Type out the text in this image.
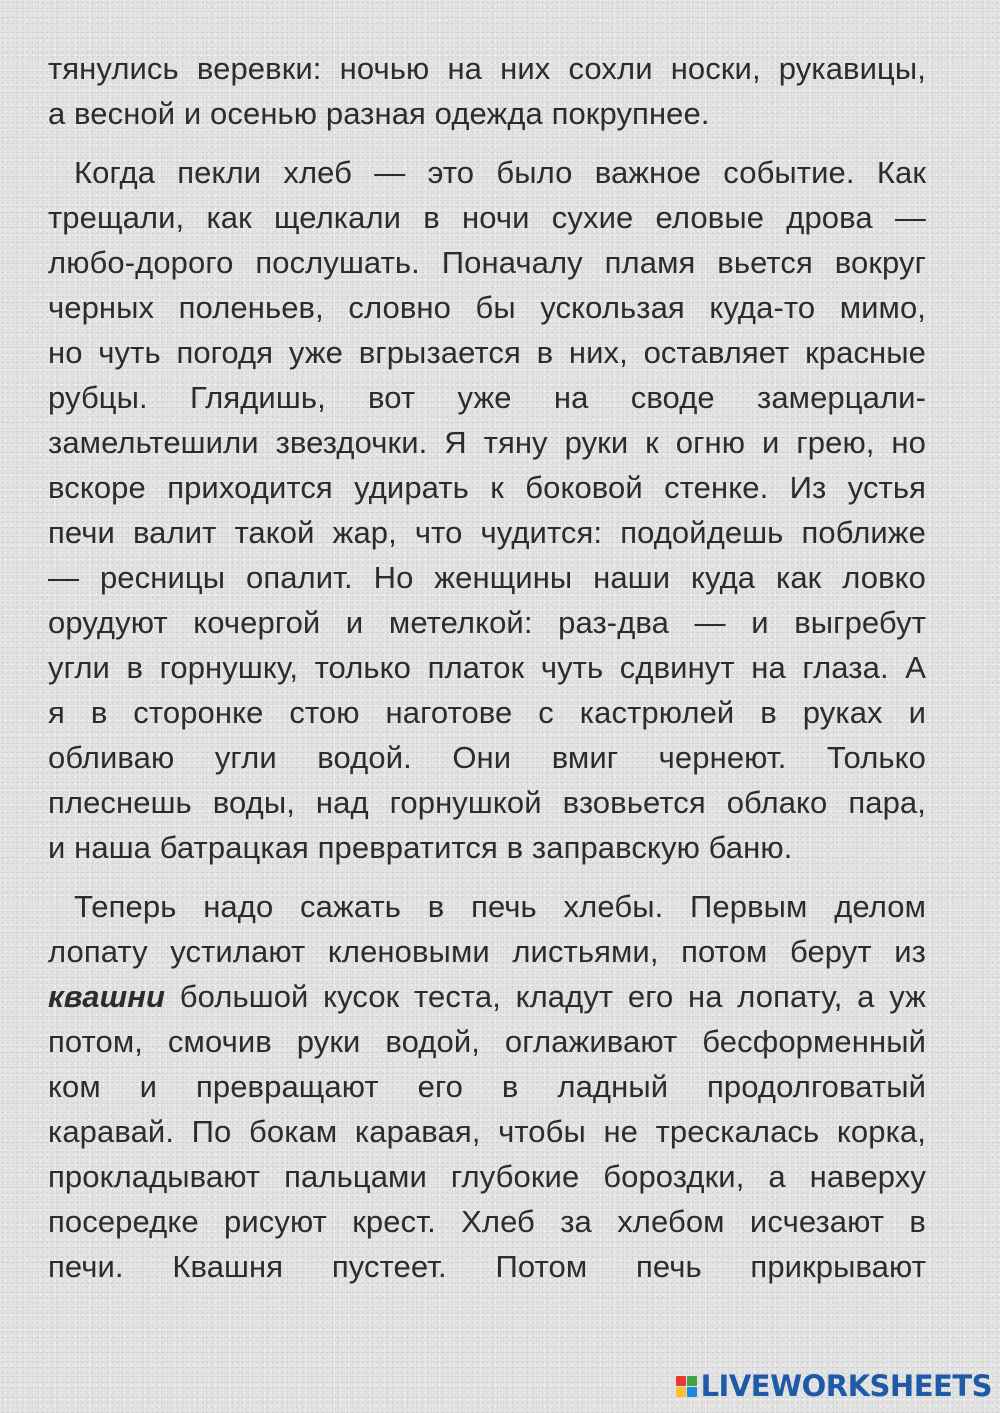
тянулись веревки: ночью на них сохли носки, рукавицы,
а весной и осенью разная одежда покрупнее.
Когда пекли хлеб — это было важное событие. Как
трещали, как щелкали в ночи сухие еловые дрова —
любо-дорого послушать. Поначалу пламя вьется вокруг
черных поленьев, словно бы ускользая куда-то мимо,
но чуть погодя уже вгрызается в них, оставляет красные
рубцы. Глядишь, вот уже на своде замерцали-
замельтешили звездочки. Я тяну руки к огню и грею, но
вскоре приходится удирать к боковой стенке. Из устья
печи валит такой жар, что чудится: подойдешь поближе
— ресницы опалит. Но женщины наши куда как ловко
орудуют кочергой и метелкой: раз-два — и выгребут
угли в горнушку, только платок чуть сдвинут на глаза. А
я в сторонке стою наготове с кастрюлей в руках и
обливаю угли водой. Они вмиг чернеют. Только
плеснешь воды, над горнушкой взовьется облако пара,
и наша батрацкая превратится в заправскую баню.
Теперь надо сажать в печь хлебы. Первым делом
лопату устилают кленовыми листьями, потом берут из
квашни большой кусок теста, кладут его на лопату, а уж
потом, смочив руки водой, оглаживают бесформенный
ком и превращают его в ладный продолговатый
каравай. По бокам каравая, чтобы не трескалась корка,
прокладывают пальцами глубокие бороздки, а наверху
посередке рисуют крест. Хлеб за хлебом исчезают в
печи. Квашня пустеет. Потом печь прикрывают
LIVEWORKSHEETS
